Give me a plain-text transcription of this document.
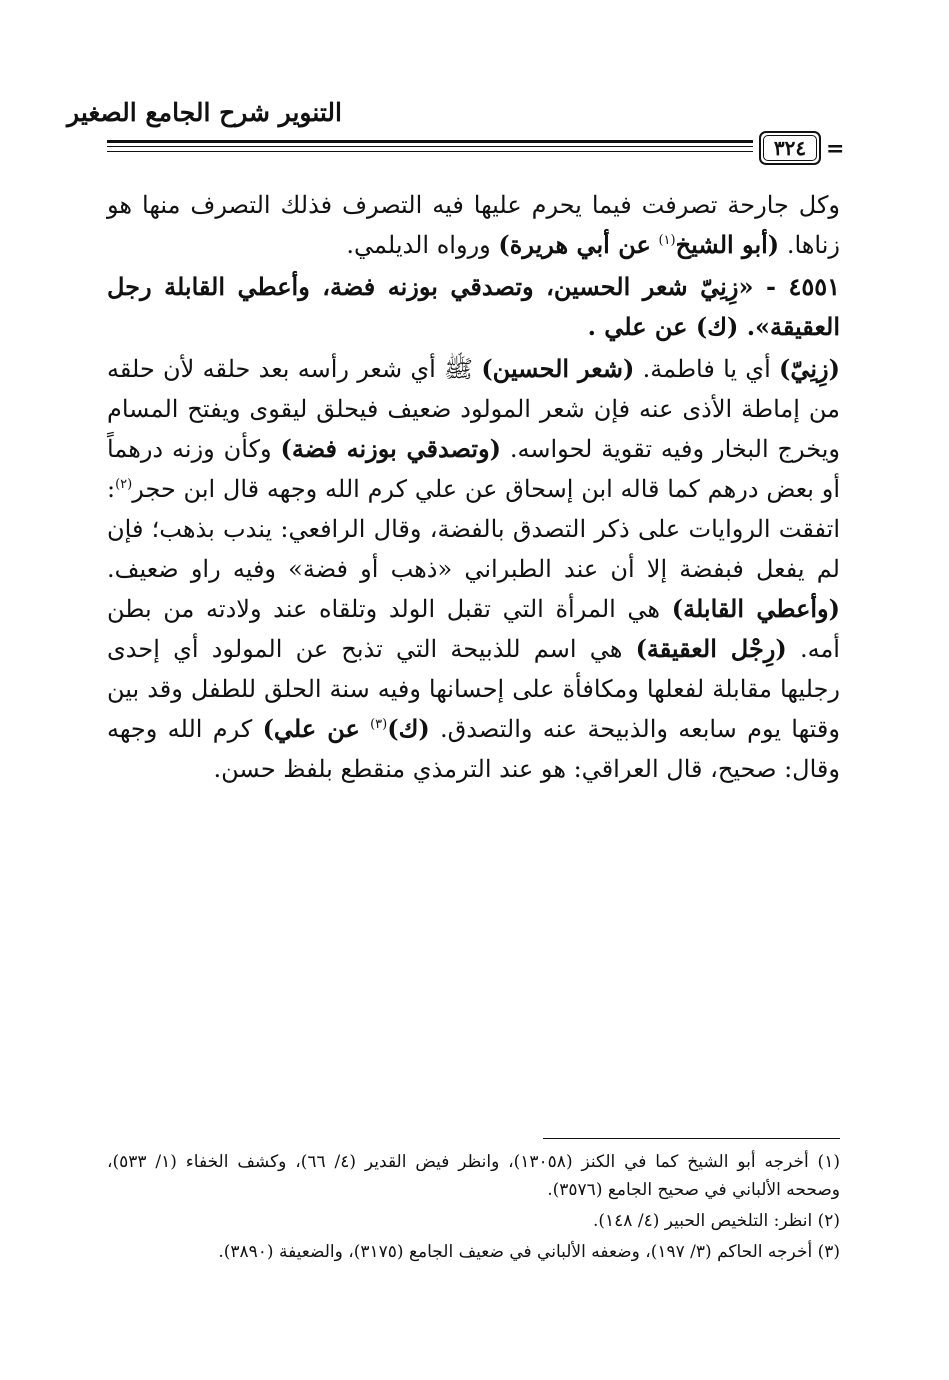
التنوير شرح الجامع الصغير
٣٢٤ =

وكل جارحة تصرفت فيما يحرم عليها فيه التصرف فذلك التصرف منها هو زناها. (أبو الشيخ$^{(١)}$ عن أبي هريرة) ورواه الديلمي.

٤٥٥١ - «زِنِيّ شعر الحسين، وتصدقي بوزنه فضة، وأعطي القابلة رجل العقيقة». (ك) عن علي .

(زِنِيّ) أي يا فاطمة. (شعر الحسين) ﷺ أي شعر رأسه بعد حلقه لأن حلقه من إماطة الأذى عنه فإن شعر المولود ضعيف فيحلق ليقوى ويفتح المسام ويخرج البخار وفيه تقوية لحواسه. (وتصدقي بوزنه فضة) وكأن وزنه درهماً أو بعض درهم كما قاله ابن إسحاق عن علي كرم الله وجهه قال ابن حجر$^{(٢)}$: اتفقت الروايات على ذكر التصدق بالفضة، وقال الرافعي: يندب بذهب؛ فإن لم يفعل فبفضة إلا أن عند الطبراني «ذهب أو فضة» وفيه راو ضعيف. (وأعطي القابلة) هي المرأة التي تقبل الولد وتلقاه عند ولادته من بطن أمه. (رِجْل العقيقة) هي اسم للذبيحة التي تذبح عن المولود أي إحدى رجليها مقابلة لفعلها ومكافأة على إحسانها وفيه سنة الحلق للطفل وقد بين وقتها يوم سابعه والذبيحة عنه والتصدق. (ك)$^{(٣)}$ عن علي) كرم الله وجهه وقال: صحيح، قال العراقي: هو عند الترمذي منقطع بلفظ حسن.

(١) أخرجه أبو الشيخ كما في الكنز (١٣٠٥٨)، وانظر فيض القدير (٤/ ٦٦)، وكشف الخفاء (١/ ٥٣٣)، وصححه الألباني في صحيح الجامع (٣٥٧٦).

(٢) انظر: التلخيص الحبير (٤/ ١٤٨).

(٣) أخرجه الحاكم (٣/ ١٩٧)، وضعفه الألباني في ضعيف الجامع (٣١٧٥)، والضعيفة (٣٨٩٠).
